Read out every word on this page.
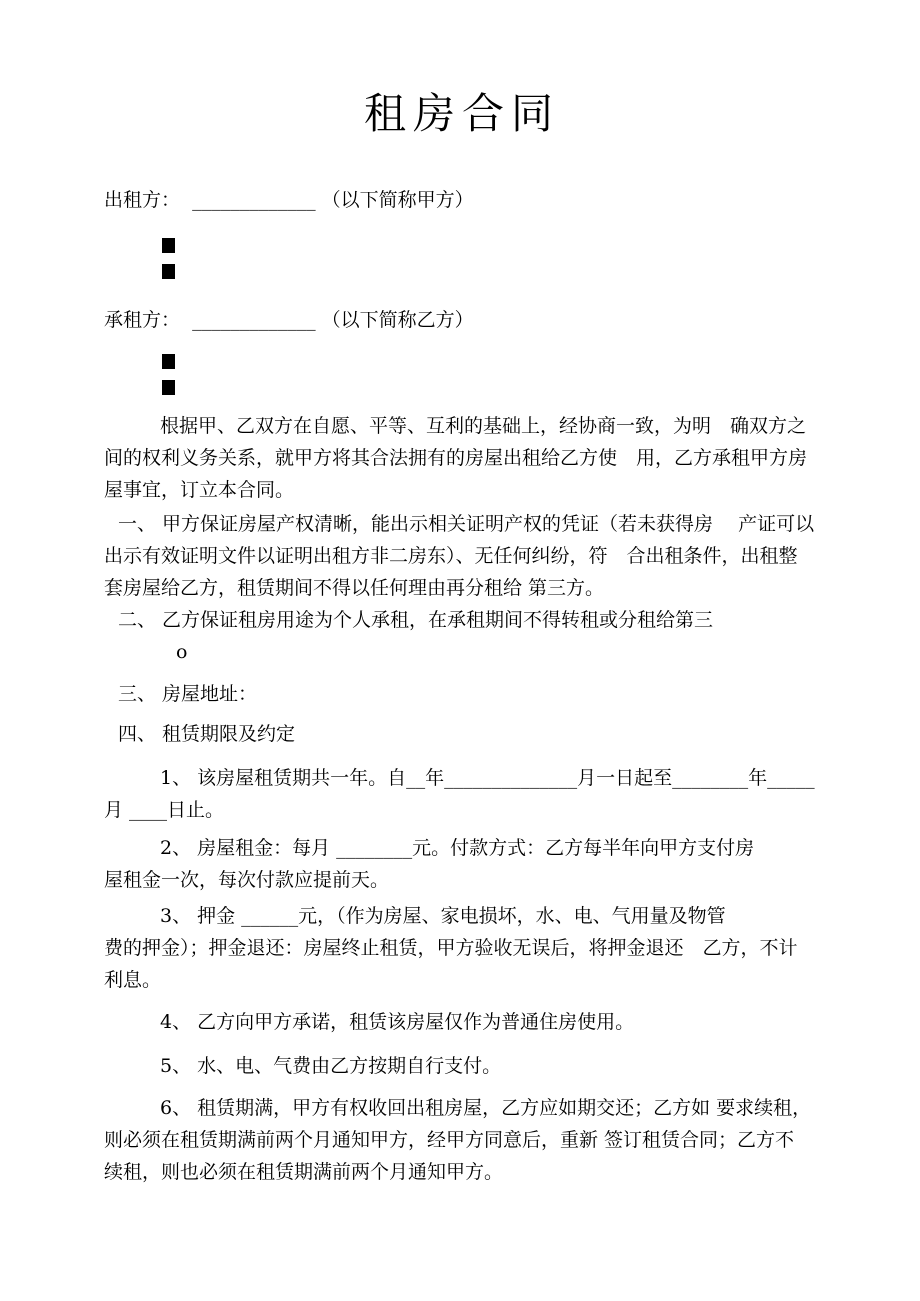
租房合同
出租方：  _____________ （以下简称甲方）
承租方：  _____________ （以下简称乙方）
根据甲、乙双方在自愿、平等、互利的基础上，经协商一致，为明　确双方之
间的权利义务关系，就甲方将其合法拥有的房屋出租给乙方使　用，乙方承租甲方房
屋事宜，订立本合同。
一、 甲方保证房屋产权清晰，能出示相关证明产权的凭证（若未获得房　 产证可以
出示有效证明文件以证明出租方非二房东）、无任何纠纷，符　合出租条件，出租整
套房屋给乙方，租赁期间不得以任何理由再分租给 第三方。
二、 乙方保证租房用途为个人承租，在承租期间不得转租或分租给第三
o
三、 房屋地址：
四、 租赁期限及约定
1、 该房屋租赁期共一年。自__年______________月一日起至________年_____
月 ____日止。
2、 房屋租金：每月 ________元。付款方式：乙方每半年向甲方支付房
屋租金一次，每次付款应提前天。
3、 押金 ______元，（作为房屋、家电损坏，水、电、气用量及物管
费的押金）；押金退还：房屋终止租赁，甲方验收无误后，将押金退还　乙方，不计
利息。
4、 乙方向甲方承诺，租赁该房屋仅作为普通住房使用。
5、 水、电、气费由乙方按期自行支付。
6、 租赁期满，甲方有权收回出租房屋，乙方应如期交还；乙方如 要求续租，
则必须在租赁期满前两个月通知甲方，经甲方同意后，重新 签订租赁合同；乙方不
续租，则也必须在租赁期满前两个月通知甲方。
